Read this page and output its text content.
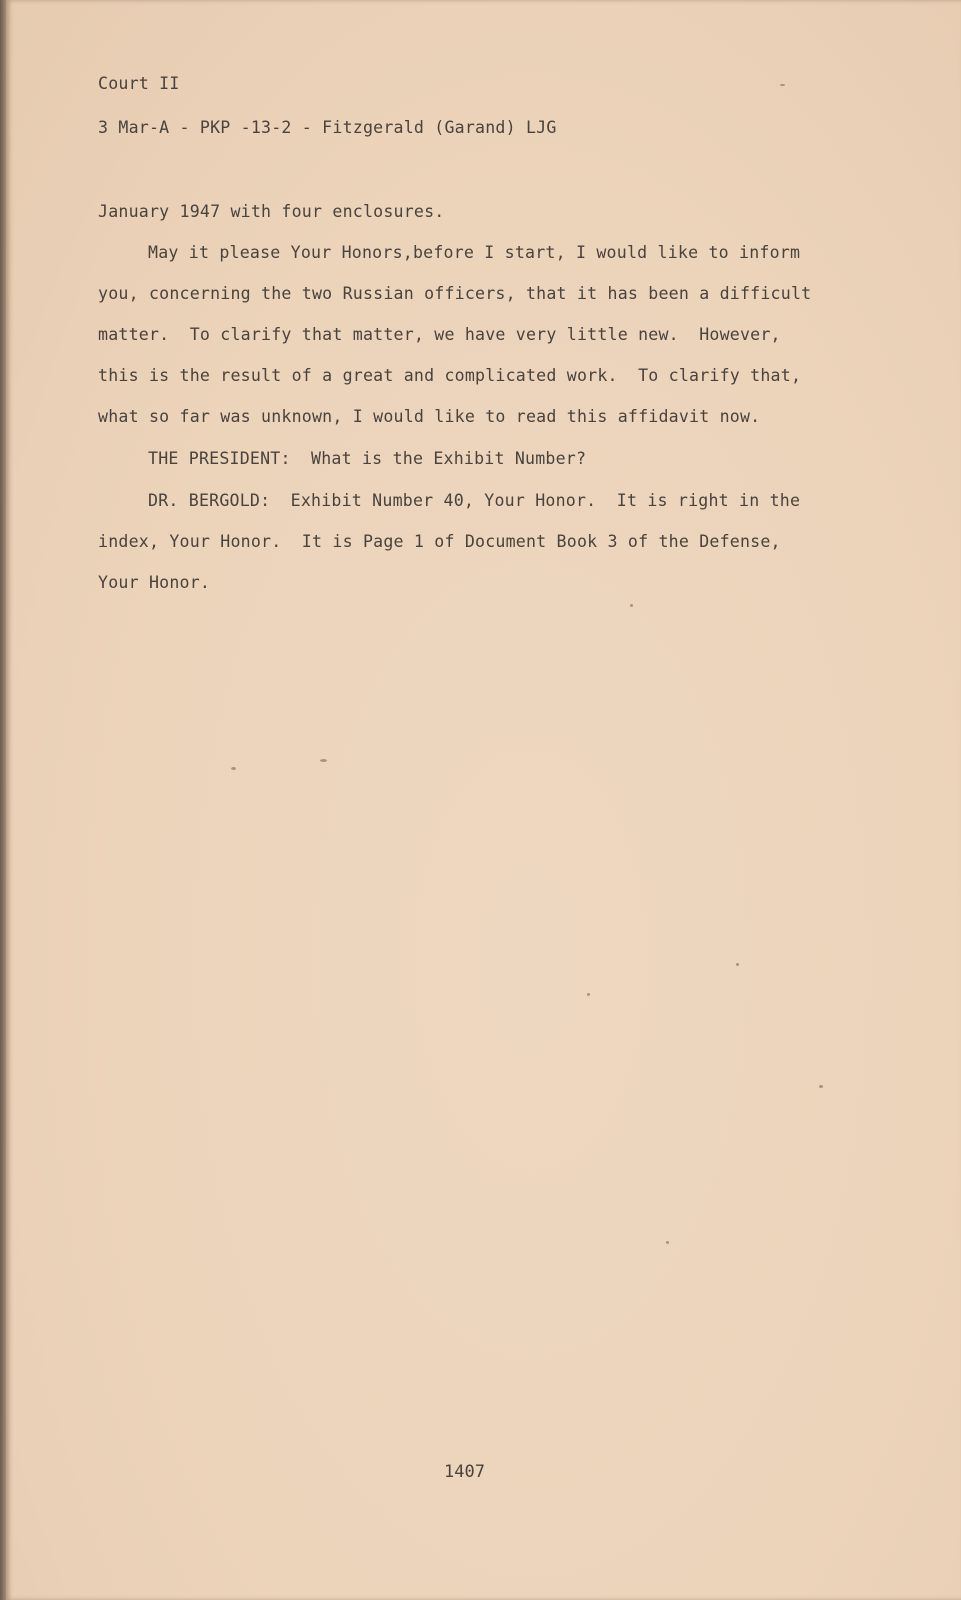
Court II

3 Mar-A - PKP -13-2 - Fitzgerald (Garand) LJG

January 1947 with four enclosures.

May it please Your Honors,before I start, I would like to inform

you, concerning the two Russian officers, that it has been a difficult

matter.  To clarify that matter, we have very little new.  However,

this is the result of a great and complicated work.  To clarify that,

what so far was unknown, I would like to read this affidavit now.

THE PRESIDENT:  What is the Exhibit Number?

DR. BERGOLD:  Exhibit Number 40, Your Honor.  It is right in the

index, Your Honor.  It is Page 1 of Document Book 3 of the Defense,

Your Honor.

1407
